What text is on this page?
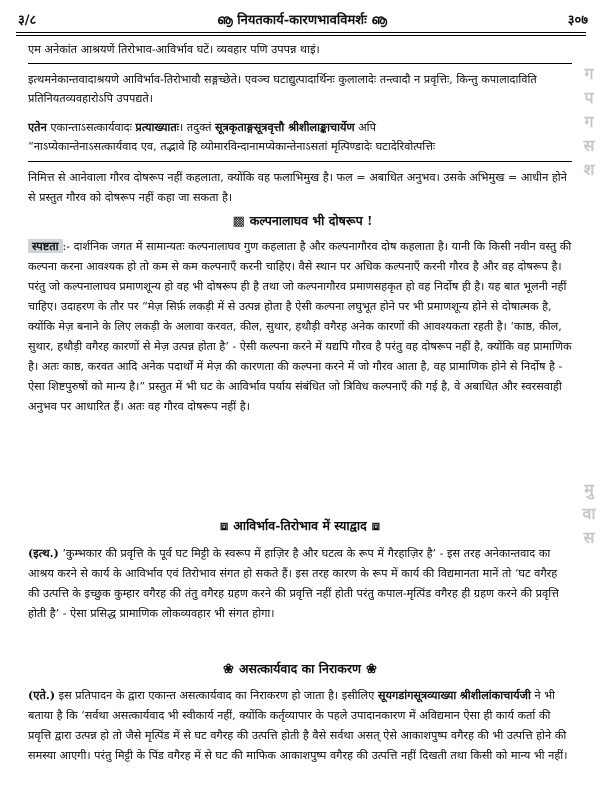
३/८	ൡ नियतकार्य-कारणभावविमर्शः ൡ	३०७

एम अनेकांत आश्रयणें तिरोभाव-आविर्भाव घटें। व्यवहार पणि उपपन्न थाइं।

इत्थमनेकान्तवादाश्रयणे आविर्भाव-तिरोभावौ सङ्गच्छेते। एवञ्च घटाद्युत्पादार्थिनः कुलालादेः तन्त्वादौ न प्रवृत्तिः, किन्तु कपालादाविति प्रतिनियतव्यवहारोऽपि उपपद्यते।

एतेन एकान्ताऽसत्कार्यवादः प्रत्याख्यातः। तदुक्तं सूत्रकृताङ्गसूत्रवृत्तौ श्रीशीलाङ्काचार्येण अपि

“नाऽप्येकान्तेनाऽसत्कार्यवाद एव, तद्भावे हि व्योमारविन्दानामप्येकान्तेनाऽसतां मृत्पिण्डादेः घटादेरिवोत्पत्तिः

निमित्त से आनेवाला गौरव दोषरूप नहीं कहलाता, क्योंकि वह फलाभिमुख है। फल = अबाधित अनुभव। उसके अभिमुख = आधीन होने से प्रस्तुत गौरव को दोषरूप नहीं कहा जा सकता है।

▩ कल्पनालाघव भी दोषरूप !

स्पष्टता :- दार्शनिक जगत में सामान्यतः कल्पनालाघव गुण कहलाता है और कल्पनागौरव दोष कहलाता है। यानी कि किसी नवीन वस्तु की कल्पना करना आवश्यक हो तो कम से कम कल्पनाएँ करनी चाहिए। वैसे स्थान पर अधिक कल्पनाएँ करनी गौरव है और वह दोषरूप है। परंतु जो कल्पनालाघव प्रमाणशून्य हो वह भी दोषरूप ही है तथा जो कल्पनागौरव प्रमाणसहकृत हो वह निर्दोष ही है। यह बात भूलनी नहीं चाहिए। उदाहरण के तौर पर “मेज़ सिर्फ़ लकड़ी में से उत्पन्न होता है ऐसी कल्पना लघुभूत होने पर भी प्रमाणशून्य होने से दोषात्मक है, क्योंकि मेज़ बनाने के लिए लकड़ी के अलावा करवत, कील, सुथार, हथौड़ी वगैरह अनेक कारणों की आवश्यकता रहती है। ‘काष्ठ, कील, सुथार, हथौड़ी वगैरह कारणों से मेज़ उत्पन्न होता है’ - ऐसी कल्पना करने में यद्यपि गौरव है परंतु वह दोषरूप नहीं है, क्योंकि वह प्रामाणिक है। अतः काष्ठ, करवत आदि अनेक पदार्थों में मेज़ की कारणता की कल्पना करने में जो गौरव आता है, वह प्रामाणिक होने से निर्दोष है - ऐसा शिष्टपुरुषों को मान्य है।” प्रस्तुत में भी घट के आविर्भाव पर्याय संबंधित जो त्रिविध कल्पनाएँ की गई है, वे अबाधित और स्वरसवाही अनुभव पर आधारित हैं। अतः वह गौरव दोषरूप नहीं है।

⧈ आविर्भाव-तिरोभाव में स्याद्वाद ⧈

(इत्थ.) ‘कुम्भकार की प्रवृत्ति के पूर्व घट मिट्टी के स्वरूप में हाज़िर है और घटत्व के रूप में गैरहाज़िर है’ - इस तरह अनेकान्तवाद का आश्रय करने से कार्य के आविर्भाव एवं तिरोभाव संगत हो सकते हैं। इस तरह कारण के रूप में कार्य की विद्यमानता मानें तो ‘घट वगैरह की उत्पत्ति के इच्छुक कुम्हार वगैरह की तंतु वगैरह ग्रहण करने की प्रवृत्ति नहीं होती परंतु कपाल-मृत्पिंड वगैरह ही ग्रहण करने की प्रवृत्ति होती है’ - ऐसा प्रसिद्ध प्रामाणिक लोकव्यवहार भी संगत होगा।

❀ असत्कार्यवाद का निराकरण ❀

(एते.) इस प्रतिपादन के द्वारा एकान्त असत्कार्यवाद का निराकरण हो जाता है। इसीलिए सूयगडांगसूत्रव्याख्या श्रीशीलांकाचार्यजी ने भी बताया है कि ‘सर्वथा असत्कार्यवाद भी स्वीकार्य नहीं, क्योंकि कर्तृव्यापार के पहले उपादानकारण में अविद्यमान ऐसा ही कार्य कर्ता की प्रवृत्ति द्वारा उत्पन्न हो तो जैसे मृत्पिंड में से घट वगैरह की उत्पत्ति होती है वैसे सर्वथा असत् ऐसे आकाशपुष्प वगैरह की भी उत्पत्ति होने की समस्या आएगी। परंतु मिट्टी के पिंड वगैरह में से घट की माफिक आकाशपुष्प वगैरह की उत्पत्ति नहीं दिखती तथा किसी को मान्य भी नहीं।

ग
प
ग
स
श
मु
वा
स
